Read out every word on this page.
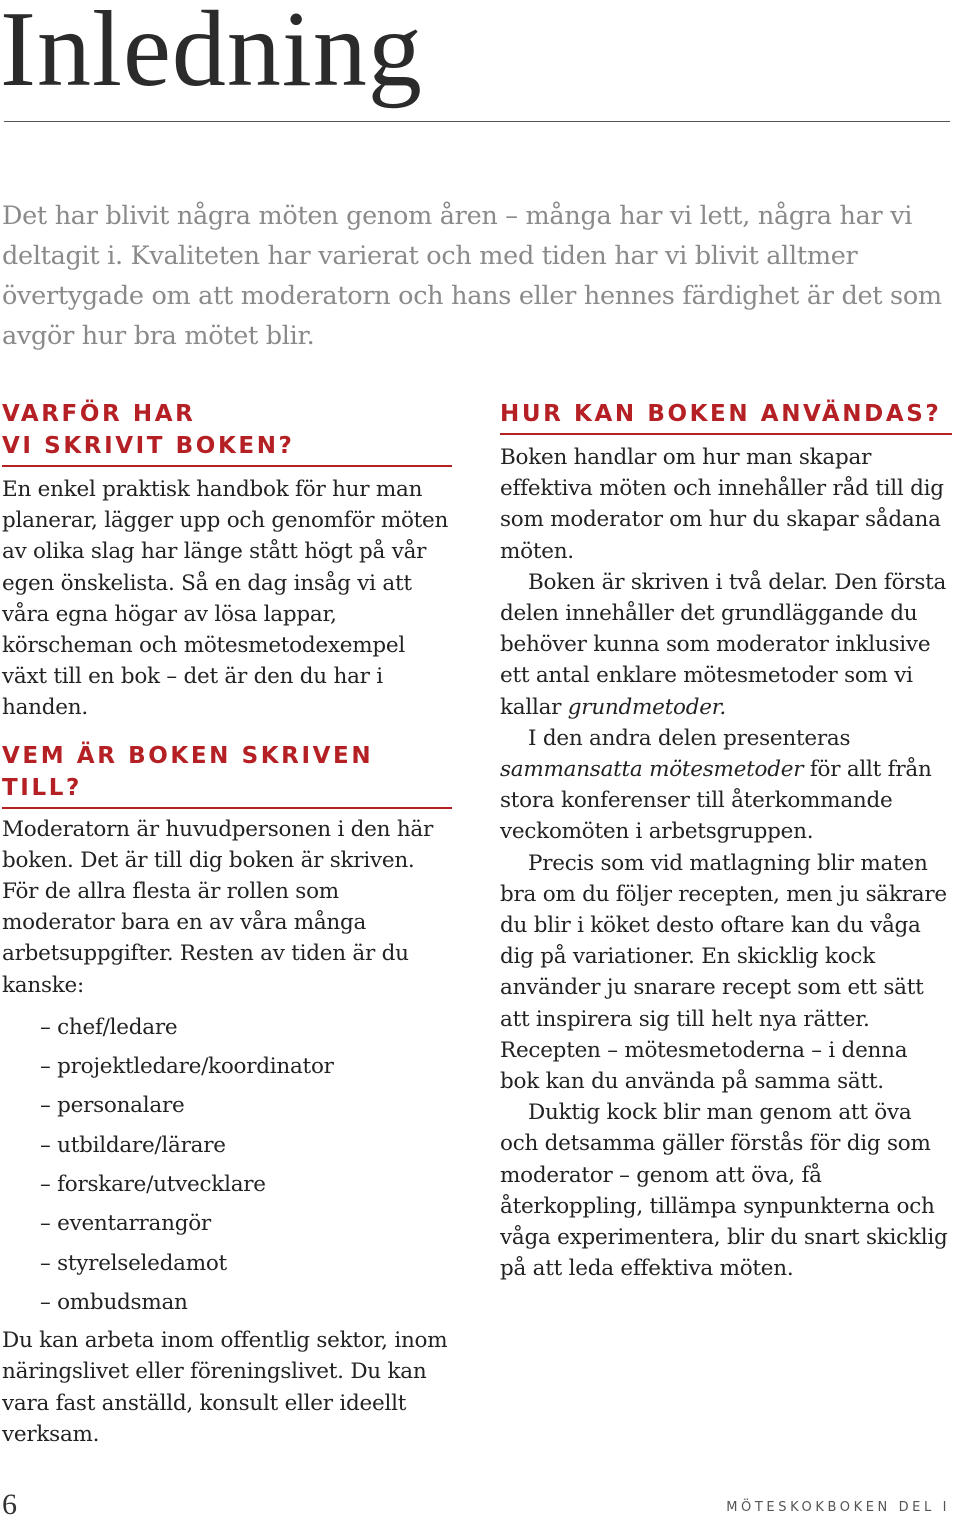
Inledning

Det har blivit några möten genom åren – många har vi lett, några har vi deltagit i. Kvaliteten har varierat och med tiden har vi blivit alltmer övertygade om att moderatorn och hans eller hennes färdighet är det som avgör hur bra mötet blir.

VARFÖR HAR
VI SKRIVIT BOKEN?

En enkel praktisk handbok för hur man planerar, lägger upp och genomför möten av olika slag har länge stått högt på vår egen önskelista. Så en dag insåg vi att våra egna högar av lösa lappar, körscheman och mötesmetodexempel växt till en bok – det är den du har i handen.

VEM ÄR BOKEN SKRIVEN TILL?

Moderatorn är huvudpersonen i den här boken. Det är till dig boken är skriven. För de allra flesta är rollen som moderator bara en av våra många arbetsuppgifter. Resten av tiden är du kanske:

– chef/ledare
– projektledare/koordinator
– personalare
– utbildare/lärare
– forskare/utvecklare
– eventarrangör
– styrelseledamot
– ombudsman

Du kan arbeta inom offentlig sektor, inom näringslivet eller föreningslivet. Du kan vara fast anställd, konsult eller ideellt verksam.

HUR KAN BOKEN ANVÄNDAS?

Boken handlar om hur man skapar effektiva möten och innehåller råd till dig som moderator om hur du skapar sådana möten.

Boken är skriven i två delar. Den första delen innehåller det grundläggande du behöver kunna som moderator inklusive ett antal enklare mötesmetoder som vi kallar grundmetoder.

I den andra delen presenteras sammansatta mötesmetoder för allt från stora konferenser till återkommande veckomöten i arbetsgruppen.

Precis som vid matlagning blir maten bra om du följer recepten, men ju säkrare du blir i köket desto oftare kan du våga dig på variationer. En skicklig kock använder ju snarare recept som ett sätt att inspirera sig till helt nya rätter. Recepten – mötesmetoderna – i denna bok kan du använda på samma sätt.

Duktig kock blir man genom att öva och detsamma gäller förstås för dig som moderator – genom att öva, få återkoppling, tillämpa synpunkterna och våga experimentera, blir du snart skicklig på att leda effektiva möten.

6	MÖTESKOKBOKEN DEL I
